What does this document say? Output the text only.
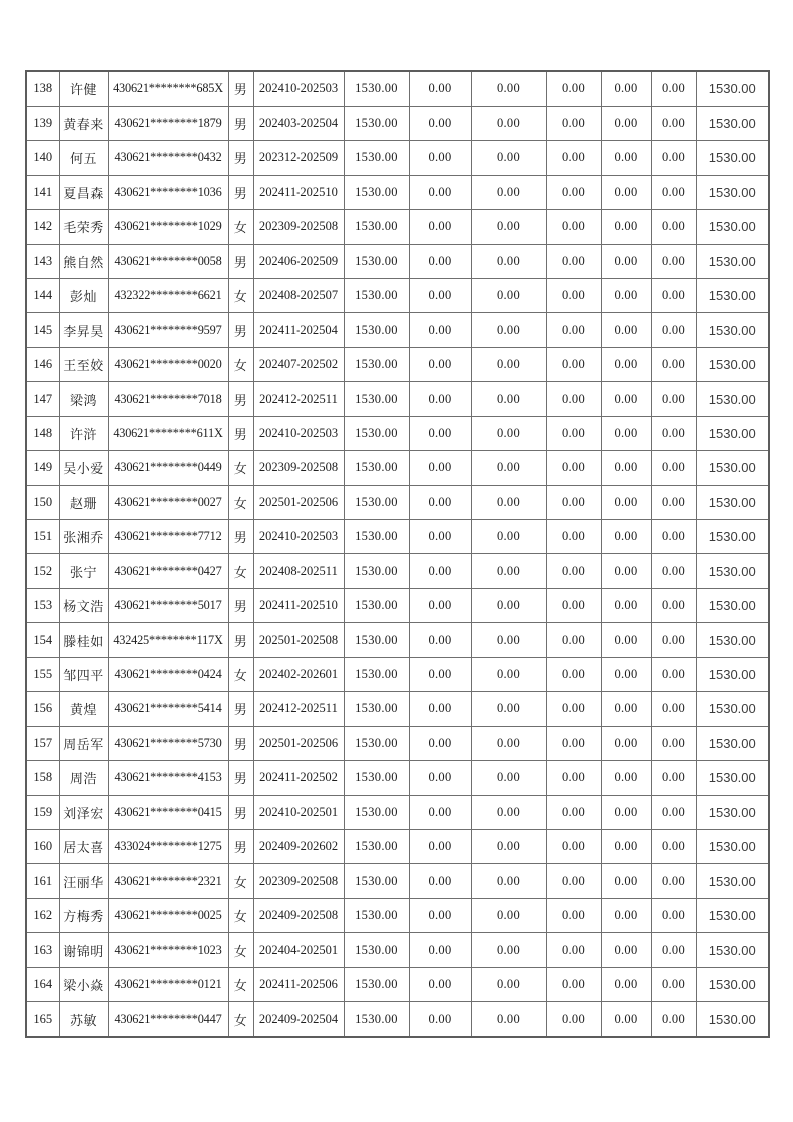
138	许健	430621********685X	男	202410-202503	1530.00	0.00	0.00	0.00	0.00	0.00	1530.00
139	黄春来	430621********1879	男	202403-202504	1530.00	0.00	0.00	0.00	0.00	0.00	1530.00
140	何五	430621********0432	男	202312-202509	1530.00	0.00	0.00	0.00	0.00	0.00	1530.00
141	夏昌森	430621********1036	男	202411-202510	1530.00	0.00	0.00	0.00	0.00	0.00	1530.00
142	毛荣秀	430621********1029	女	202309-202508	1530.00	0.00	0.00	0.00	0.00	0.00	1530.00
143	熊自然	430621********0058	男	202406-202509	1530.00	0.00	0.00	0.00	0.00	0.00	1530.00
144	彭灿	432322********6621	女	202408-202507	1530.00	0.00	0.00	0.00	0.00	0.00	1530.00
145	李昇昊	430621********9597	男	202411-202504	1530.00	0.00	0.00	0.00	0.00	0.00	1530.00
146	王至姣	430621********0020	女	202407-202502	1530.00	0.00	0.00	0.00	0.00	0.00	1530.00
147	梁鸿	430621********7018	男	202412-202511	1530.00	0.00	0.00	0.00	0.00	0.00	1530.00
148	许浒	430621********611X	男	202410-202503	1530.00	0.00	0.00	0.00	0.00	0.00	1530.00
149	吴小爱	430621********0449	女	202309-202508	1530.00	0.00	0.00	0.00	0.00	0.00	1530.00
150	赵珊	430621********0027	女	202501-202506	1530.00	0.00	0.00	0.00	0.00	0.00	1530.00
151	张湘乔	430621********7712	男	202410-202503	1530.00	0.00	0.00	0.00	0.00	0.00	1530.00
152	张宁	430621********0427	女	202408-202511	1530.00	0.00	0.00	0.00	0.00	0.00	1530.00
153	杨文浩	430621********5017	男	202411-202510	1530.00	0.00	0.00	0.00	0.00	0.00	1530.00
154	滕桂如	432425********117X	男	202501-202508	1530.00	0.00	0.00	0.00	0.00	0.00	1530.00
155	邹四平	430621********0424	女	202402-202601	1530.00	0.00	0.00	0.00	0.00	0.00	1530.00
156	黄煌	430621********5414	男	202412-202511	1530.00	0.00	0.00	0.00	0.00	0.00	1530.00
157	周岳军	430621********5730	男	202501-202506	1530.00	0.00	0.00	0.00	0.00	0.00	1530.00
158	周浩	430621********4153	男	202411-202502	1530.00	0.00	0.00	0.00	0.00	0.00	1530.00
159	刘泽宏	430621********0415	男	202410-202501	1530.00	0.00	0.00	0.00	0.00	0.00	1530.00
160	居太喜	433024********1275	男	202409-202602	1530.00	0.00	0.00	0.00	0.00	0.00	1530.00
161	汪丽华	430621********2321	女	202309-202508	1530.00	0.00	0.00	0.00	0.00	0.00	1530.00
162	方梅秀	430621********0025	女	202409-202508	1530.00	0.00	0.00	0.00	0.00	0.00	1530.00
163	谢锦明	430621********1023	女	202404-202501	1530.00	0.00	0.00	0.00	0.00	0.00	1530.00
164	梁小焱	430621********0121	女	202411-202506	1530.00	0.00	0.00	0.00	0.00	0.00	1530.00
165	苏敏	430621********0447	女	202409-202504	1530.00	0.00	0.00	0.00	0.00	0.00	1530.00
